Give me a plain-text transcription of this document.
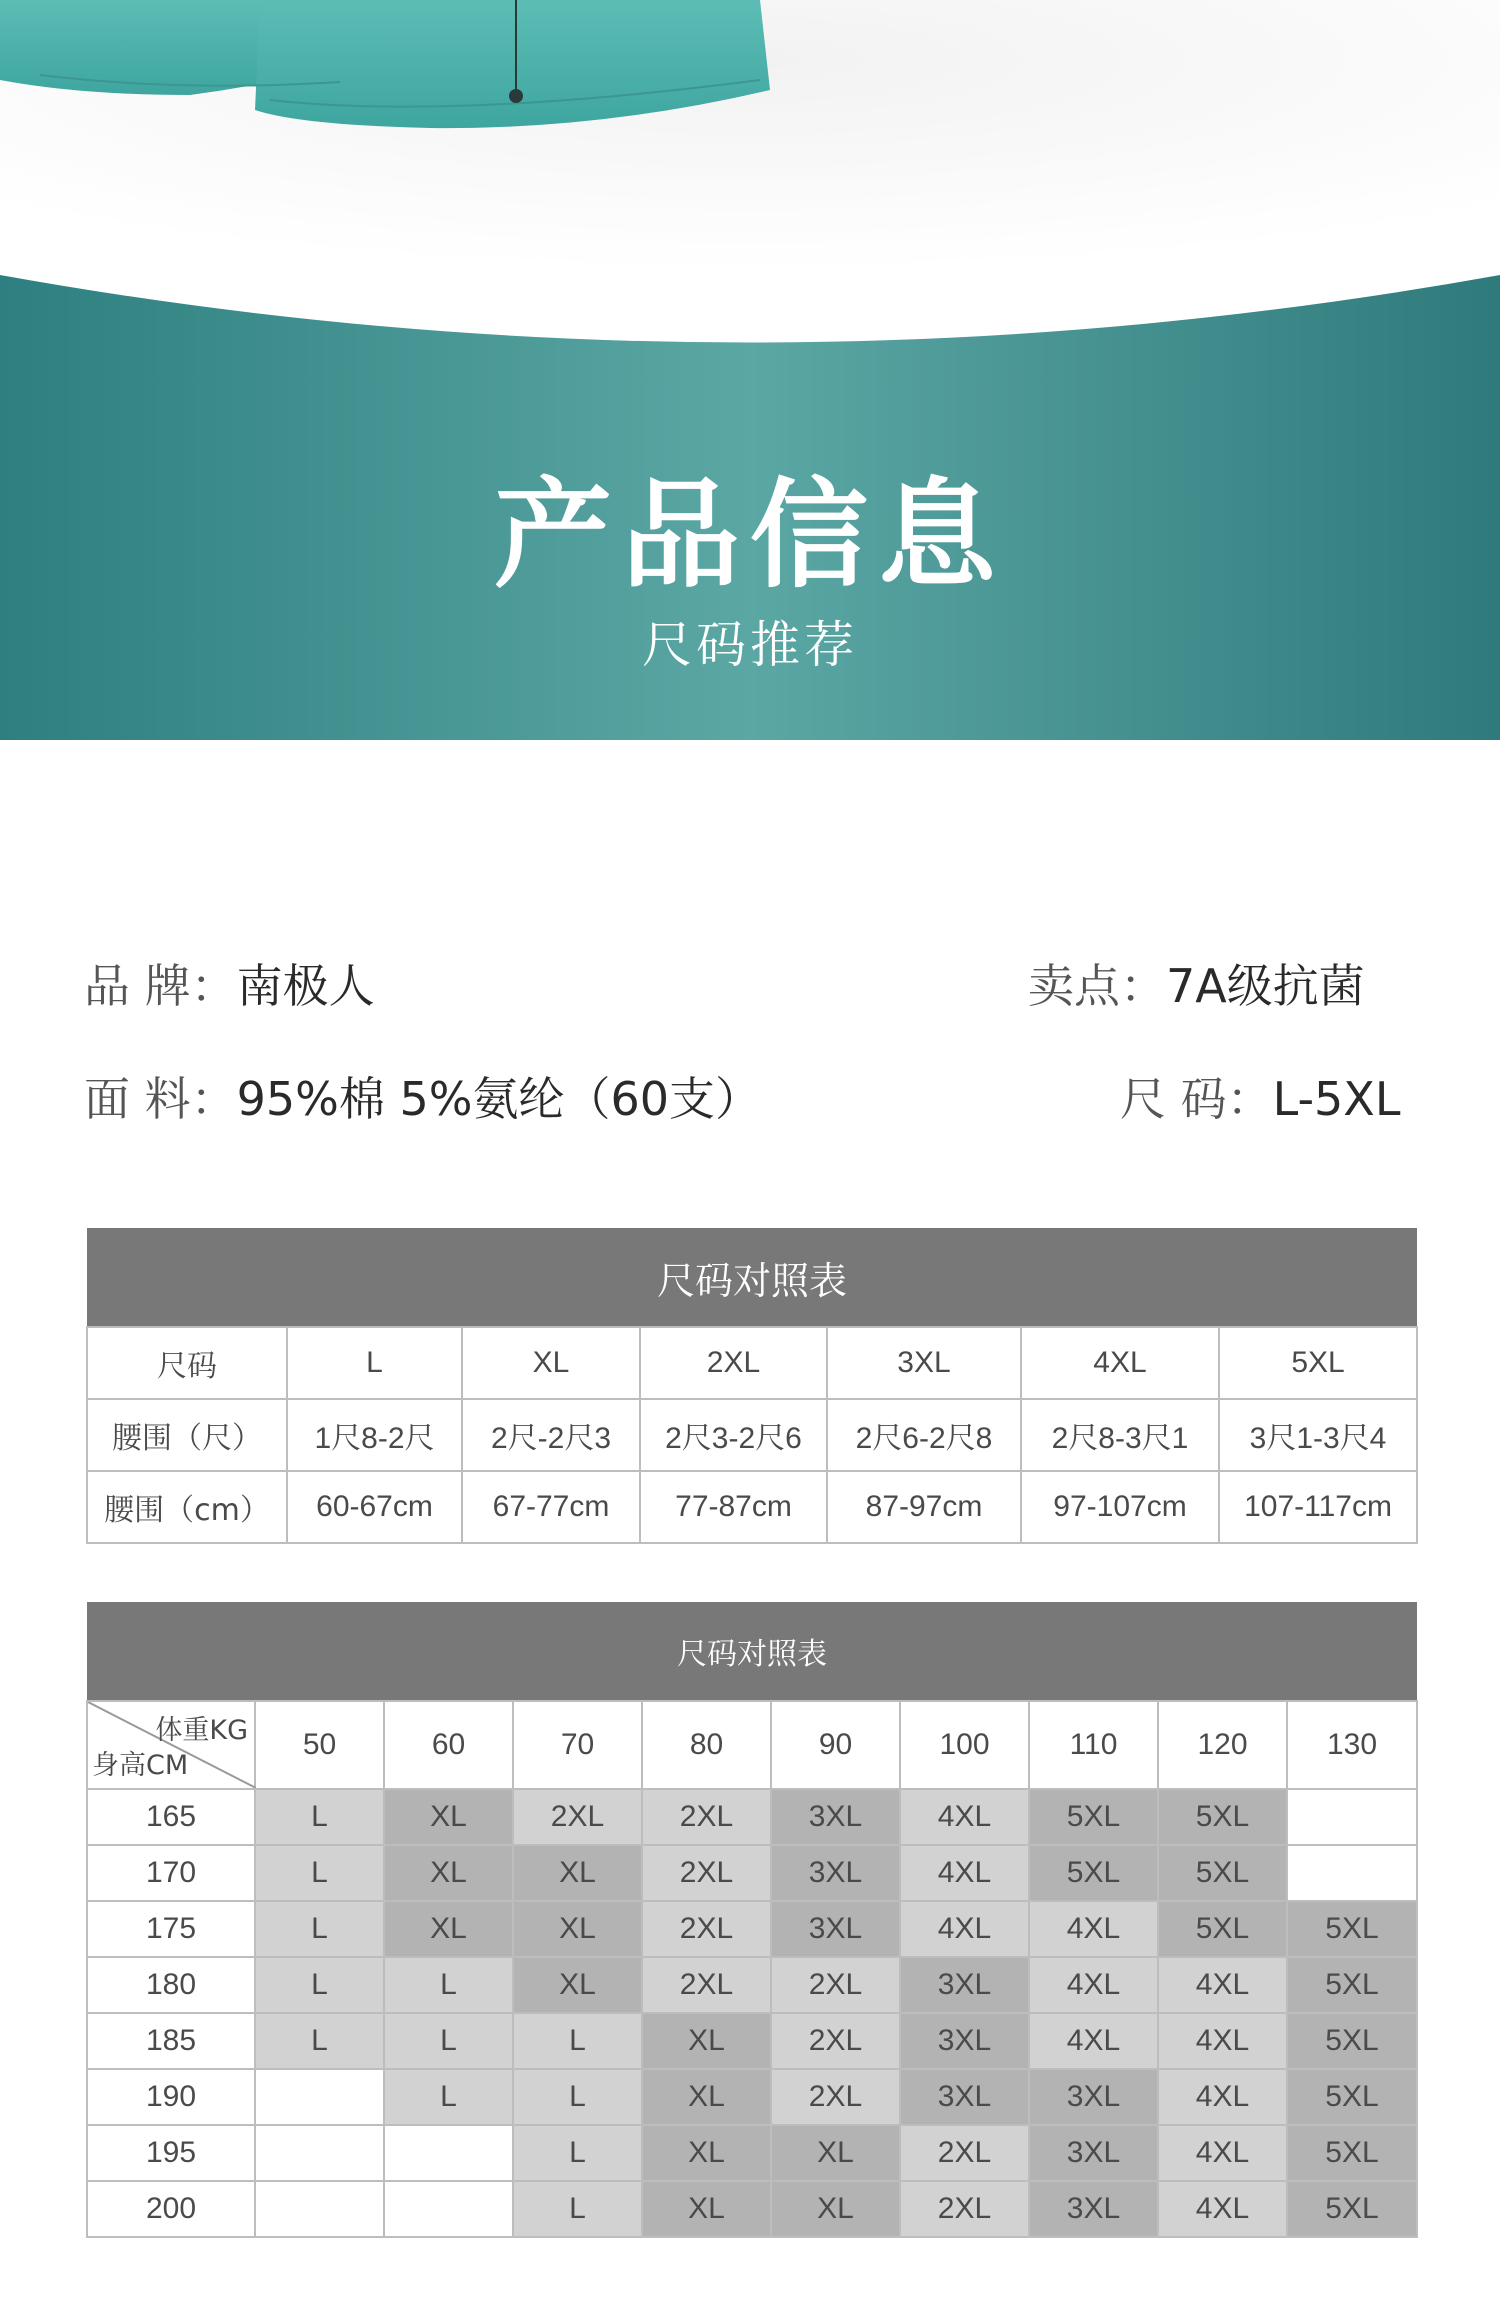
产品信息
尺码推荐
品 牌：南极人	卖点：7A级抗菌
面 料：95%棉 5%氨纶（60支）	尺 码：L-5XL
尺码对照表						
尺码	L	XL	2XL	3XL	4XL	5XL
腰围（尺）	1尺8-2尺	2尺-2尺3	2尺3-2尺6	2尺6-2尺8	2尺8-3尺1	3尺1-3尺4
腰围（cm）	60-67cm	67-77cm	77-87cm	87-97cm	97-107cm	107-117cm
尺码对照表									

体重KG
身高CM	50	60	70	80	90	100	110	120	130
165	L	XL	2XL	2XL	3XL	4XL	5XL	5XL	
170	L	XL	XL	2XL	3XL	4XL	5XL	5XL	
175	L	XL	XL	2XL	3XL	4XL	4XL	5XL	5XL
180	L	L	XL	2XL	2XL	3XL	4XL	4XL	5XL
185	L	L	L	XL	2XL	3XL	4XL	4XL	5XL
190		L	L	XL	2XL	3XL	3XL	4XL	5XL
195			L	XL	XL	2XL	3XL	4XL	5XL
200			L	XL	XL	2XL	3XL	4XL	5XL
